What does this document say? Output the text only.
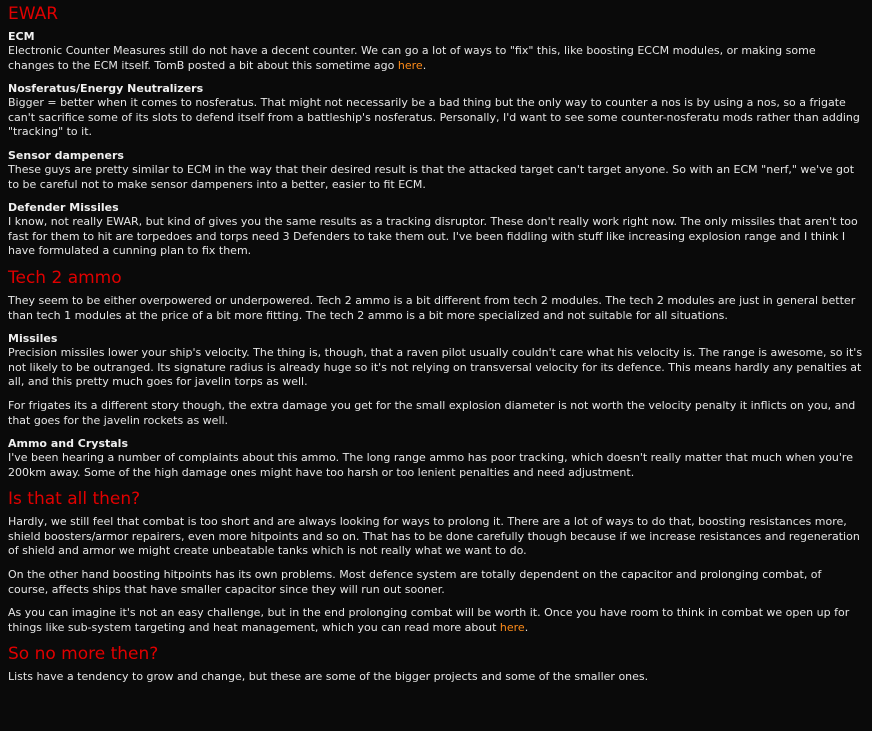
EWAR
ECM

Electronic Counter Measures still do not have a decent counter. We can go a lot of ways to "fix" this, like boosting ECCM modules, or making some changes to the ECM itself. TomB posted a bit about this sometime ago here.

Nosferatus/Energy Neutralizers

Bigger = better when it comes to nosferatus. That might not necessarily be a bad thing but the only way to counter a nos is by using a nos, so a frigate can't sacrifice some of its slots to defend itself from a battleship's nosferatus. Personally, I'd want to see some counter-nosferatu mods rather than adding "tracking" to it.

Sensor dampeners

These guys are pretty similar to ECM in the way that their desired result is that the attacked target can't target anyone. So with an ECM "nerf," we've got to be careful not to make sensor dampeners into a better, easier to fit ECM.

Defender Missiles

I know, not really EWAR, but kind of gives you the same results as a tracking disruptor. These don't really work right now. The only missiles that aren't too fast for them to hit are torpedoes and torps need 3 Defenders to take them out. I've been fiddling with stuff like increasing explosion range and I think I have formulated a cunning plan to fix them.

Tech 2 ammo

They seem to be either overpowered or underpowered. Tech 2 ammo is a bit different from tech 2 modules. The tech 2 modules are just in general better than tech 1 modules at the price of a bit more fitting. The tech 2 ammo is a bit more specialized and not suitable for all situations.

Missiles

Precision missiles lower your ship's velocity. The thing is, though, that a raven pilot usually couldn't care what his velocity is. The range is awesome, so it's not likely to be outranged. Its signature radius is already huge so it's not relying on transversal velocity for its defence. This means hardly any penalties at all, and this pretty much goes for javelin torps as well.

For frigates its a different story though, the extra damage you get for the small explosion diameter is not worth the velocity penalty it inflicts on you, and that goes for the javelin rockets as well.

Ammo and Crystals

I've been hearing a number of complaints about this ammo. The long range ammo has poor tracking, which doesn't really matter that much when you're 200km away. Some of the high damage ones might have too harsh or too lenient penalties and need adjustment.

Is that all then?

Hardly, we still feel that combat is too short and are always looking for ways to prolong it. There are a lot of ways to do that, boosting resistances more, shield boosters/armor repairers, even more hitpoints and so on. That has to be done carefully though because if we increase resistances and regeneration of shield and armor we might create unbeatable tanks which is not really what we want to do.

On the other hand boosting hitpoints has its own problems. Most defence system are totally dependent on the capacitor and prolonging combat, of course, affects ships that have smaller capacitor since they will run out sooner.

As you can imagine it's not an easy challenge, but in the end prolonging combat will be worth it. Once you have room to think in combat we open up for things like sub-system targeting and heat management, which you can read more about here.

So no more then?

Lists have a tendency to grow and change, but these are some of the bigger projects and some of the smaller ones.
